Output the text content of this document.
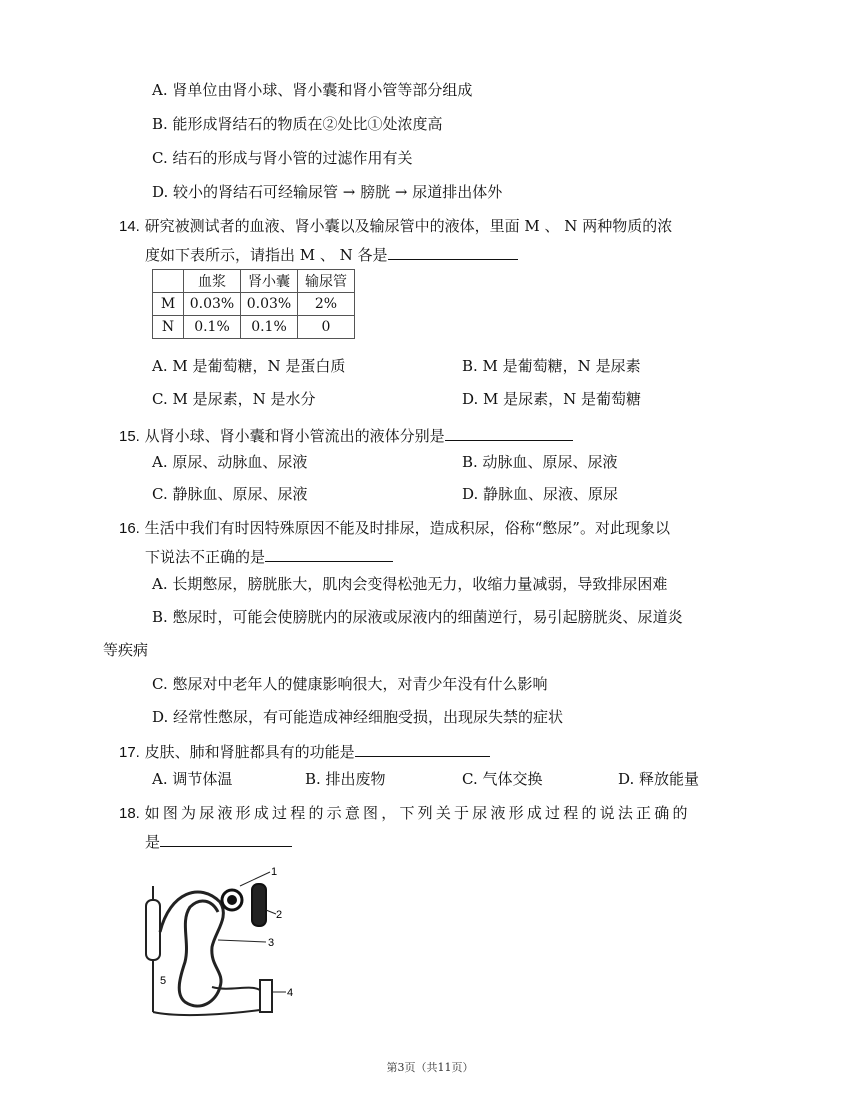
A. 肾单位由肾小球、肾小囊和肾小管等部分组成
B. 能形成肾结石的物质在②处比①处浓度高
C. 结石的形成与肾小管的过滤作用有关
D. 较小的肾结石可经输尿管 → 膀胱 → 尿道排出体外
14. 研究被测试者的血液、肾小囊以及输尿管中的液体，里面 M 、 N 两种物质的浓
度如下表所示，请指出 M 、 N 各是
	血浆	肾小囊	输尿管
M	0.03%	0.03%	2%
N	0.1%	0.1%	0
A. M 是葡萄糖，N 是蛋白质	B. M 是葡萄糖，N 是尿素
C. M 是尿素，N 是水分	D. M 是尿素，N 是葡萄糖
15. 从肾小球、肾小囊和肾小管流出的液体分别是
A. 原尿、动脉血、尿液	B. 动脉血、原尿、尿液
C. 静脉血、原尿、尿液	D. 静脉血、尿液、原尿
16. 生活中我们有时因特殊原因不能及时排尿，造成积尿，俗称“憋尿”。对此现象以
下说法不正确的是
A. 长期憋尿，膀胱胀大，肌肉会变得松弛无力，收缩力量减弱，导致排尿困难
B. 憋尿时，可能会使膀胱内的尿液或尿液内的细菌逆行，易引起膀胱炎、尿道炎
等疾病
C. 憋尿对中老年人的健康影响很大，对青少年没有什么影响
D. 经常性憋尿，有可能造成神经细胞受损，出现尿失禁的症状
17. 皮肤、肺和肾脏都具有的功能是
A. 调节体温	B. 排出废物	C. 气体交换	D. 释放能量
18. 如图为尿液形成过程的示意图，下列关于尿液形成过程的说法正确的
是
1
2
3
4
5
第3页（共11页）
